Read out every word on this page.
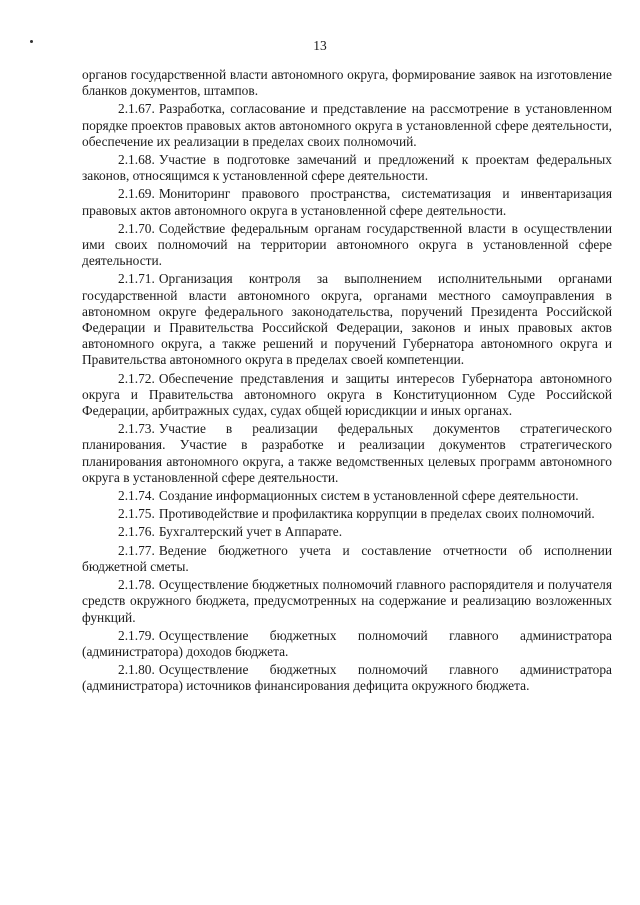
13

органов государственной власти автономного округа, формирование заявок на изготовление бланков документов, штампов.

2.1.67. Разработка, согласование и представление на рассмотрение в установленном порядке проектов правовых актов автономного округа в установленной сфере деятельности, обеспечение их реализации в пределах своих полномочий.

2.1.68. Участие в подготовке замечаний и предложений к проектам федеральных законов, относящимся к установленной сфере деятельности.

2.1.69. Мониторинг правового пространства, систематизация и инвентаризация правовых актов автономного округа в установленной сфере деятельности.

2.1.70. Содействие федеральным органам государственной власти в осуществлении ими своих полномочий на территории автономного округа в установленной сфере деятельности.

2.1.71. Организация контроля за выполнением исполнительными органами государственной власти автономного округа, органами местного самоуправления в автономном округе федерального законодательства, поручений Президента Российской Федерации и Правительства Российской Федерации, законов и иных правовых актов автономного округа, а также решений и поручений Губернатора автономного округа и Правительства автономного округа в пределах своей компетенции.

2.1.72. Обеспечение представления и защиты интересов Губернатора автономного округа и Правительства автономного округа в Конституционном Суде Российской Федерации, арбитражных судах, судах общей юрисдикции и иных органах.

2.1.73. Участие в реализации федеральных документов стратегического планирования. Участие в разработке и реализации документов стратегического планирования автономного округа, а также ведомственных целевых программ автономного округа в установленной сфере деятельности.

2.1.74. Создание информационных систем в установленной сфере деятельности.

2.1.75. Противодействие и профилактика коррупции в пределах своих полномочий.

2.1.76. Бухгалтерский учет в Аппарате.

2.1.77. Ведение бюджетного учета и составление отчетности об исполнении бюджетной сметы.

2.1.78. Осуществление бюджетных полномочий главного распорядителя и получателя средств окружного бюджета, предусмотренных на содержание и реализацию возложенных функций.

2.1.79. Осуществление бюджетных полномочий главного администратора (администратора) доходов бюджета.

2.1.80. Осуществление бюджетных полномочий главного администратора (администратора) источников финансирования дефицита окружного бюджета.
